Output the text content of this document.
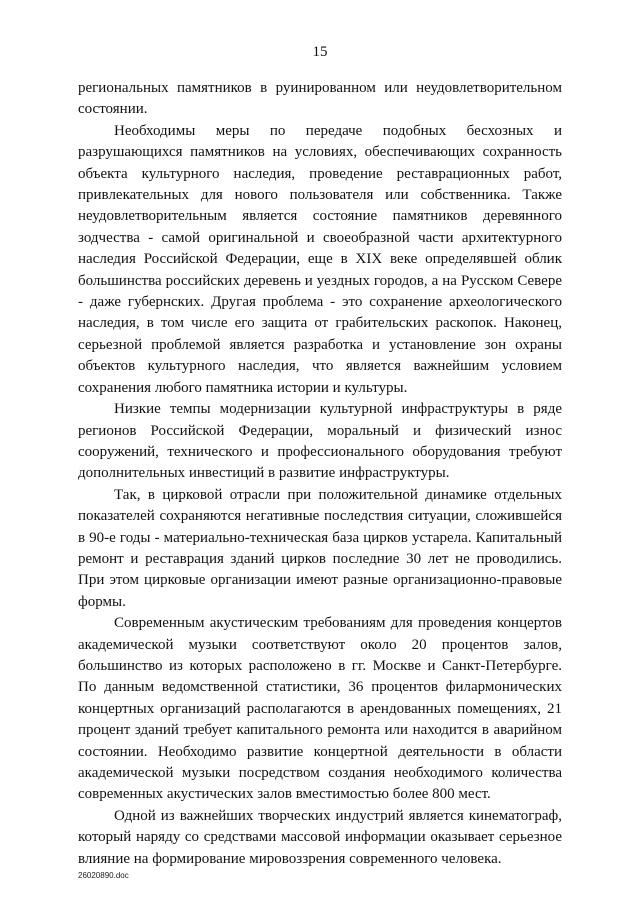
15

региональных памятников в руинированном или неудовлетворительном состоянии.

Необходимы меры по передаче подобных бесхозных и разрушающихся памятников на условиях, обеспечивающих сохранность объекта культурного наследия, проведение реставрационных работ, привлекательных для нового пользователя или собственника. Также неудовлетворительным является состояние памятников деревянного зодчества - самой оригинальной и своеобразной части архитектурного наследия Российской Федерации, еще в XIX веке определявшей облик большинства российских деревень и уездных городов, а на Русском Севере - даже губернских. Другая проблема - это сохранение археологического наследия, в том числе его защита от грабительских раскопок. Наконец, серьезной проблемой является разработка и установление зон охраны объектов культурного наследия, что является важнейшим условием сохранения любого памятника истории и культуры.

Низкие темпы модернизации культурной инфраструктуры в ряде регионов Российской Федерации, моральный и физический износ сооружений, технического и профессионального оборудования требуют дополнительных инвестиций в развитие инфраструктуры.

Так, в цирковой отрасли при положительной динамике отдельных показателей сохраняются негативные последствия ситуации, сложившейся в 90-е годы - материально-техническая база цирков устарела. Капитальный ремонт и реставрация зданий цирков последние 30 лет не проводились. При этом цирковые организации имеют разные организационно-правовые формы.

Современным акустическим требованиям для проведения концертов академической музыки соответствуют около 20 процентов залов, большинство из которых расположено в гг. Москве и Санкт-Петербурге. По данным ведомственной статистики, 36 процентов филармонических концертных организаций располагаются в арендованных помещениях, 21 процент зданий требует капитального ремонта или находится в аварийном состоянии. Необходимо развитие концертной деятельности в области академической музыки посредством создания необходимого количества современных акустических залов вместимостью более 800 мест.

Одной из важнейших творческих индустрий является кинематограф, который наряду со средствами массовой информации оказывает серьезное влияние на формирование мировоззрения современного человека.

26020890.doc
